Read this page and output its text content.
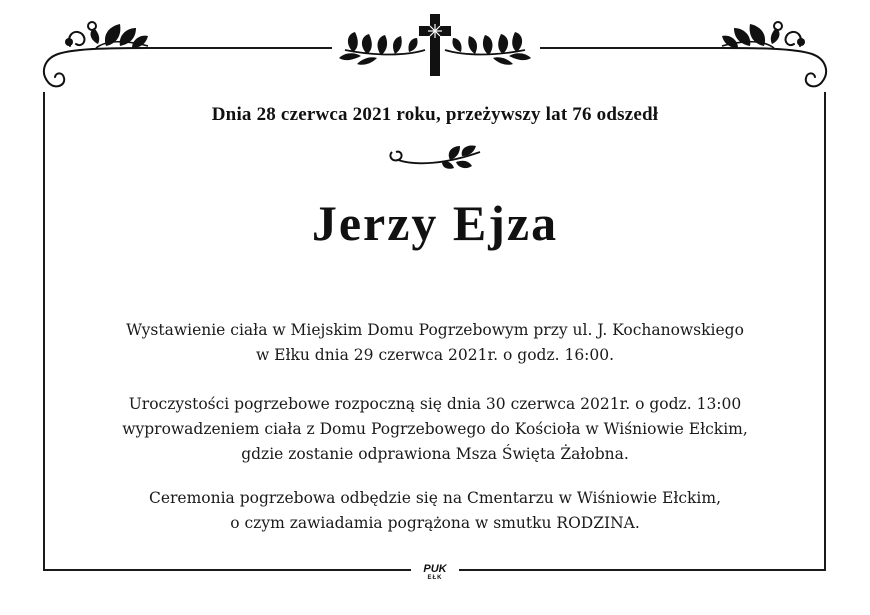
Dnia 28 czerwca 2021 roku, przeżywszy lat 76 odszedł
Jerzy Ejza
Wystawienie ciała w Miejskim Domu Pogrzebowym przy ul. J. Kochanowskiego
w Ełku dnia 29 czerwca 2021r. o godz. 16:00.
Uroczystości pogrzebowe rozpoczną się dnia 30 czerwca 2021r. o godz. 13:00
wyprowadzeniem ciała z Domu Pogrzebowego do Kościoła w Wiśniowie Ełckim,
gdzie zostanie odprawiona Msza Święta Żałobna.
Ceremonia pogrzebowa odbędzie się na Cmentarzu w Wiśniowie Ełckim,
o czym zawiadamia pogrążona w smutku RODZINA.
PUK
EŁK
